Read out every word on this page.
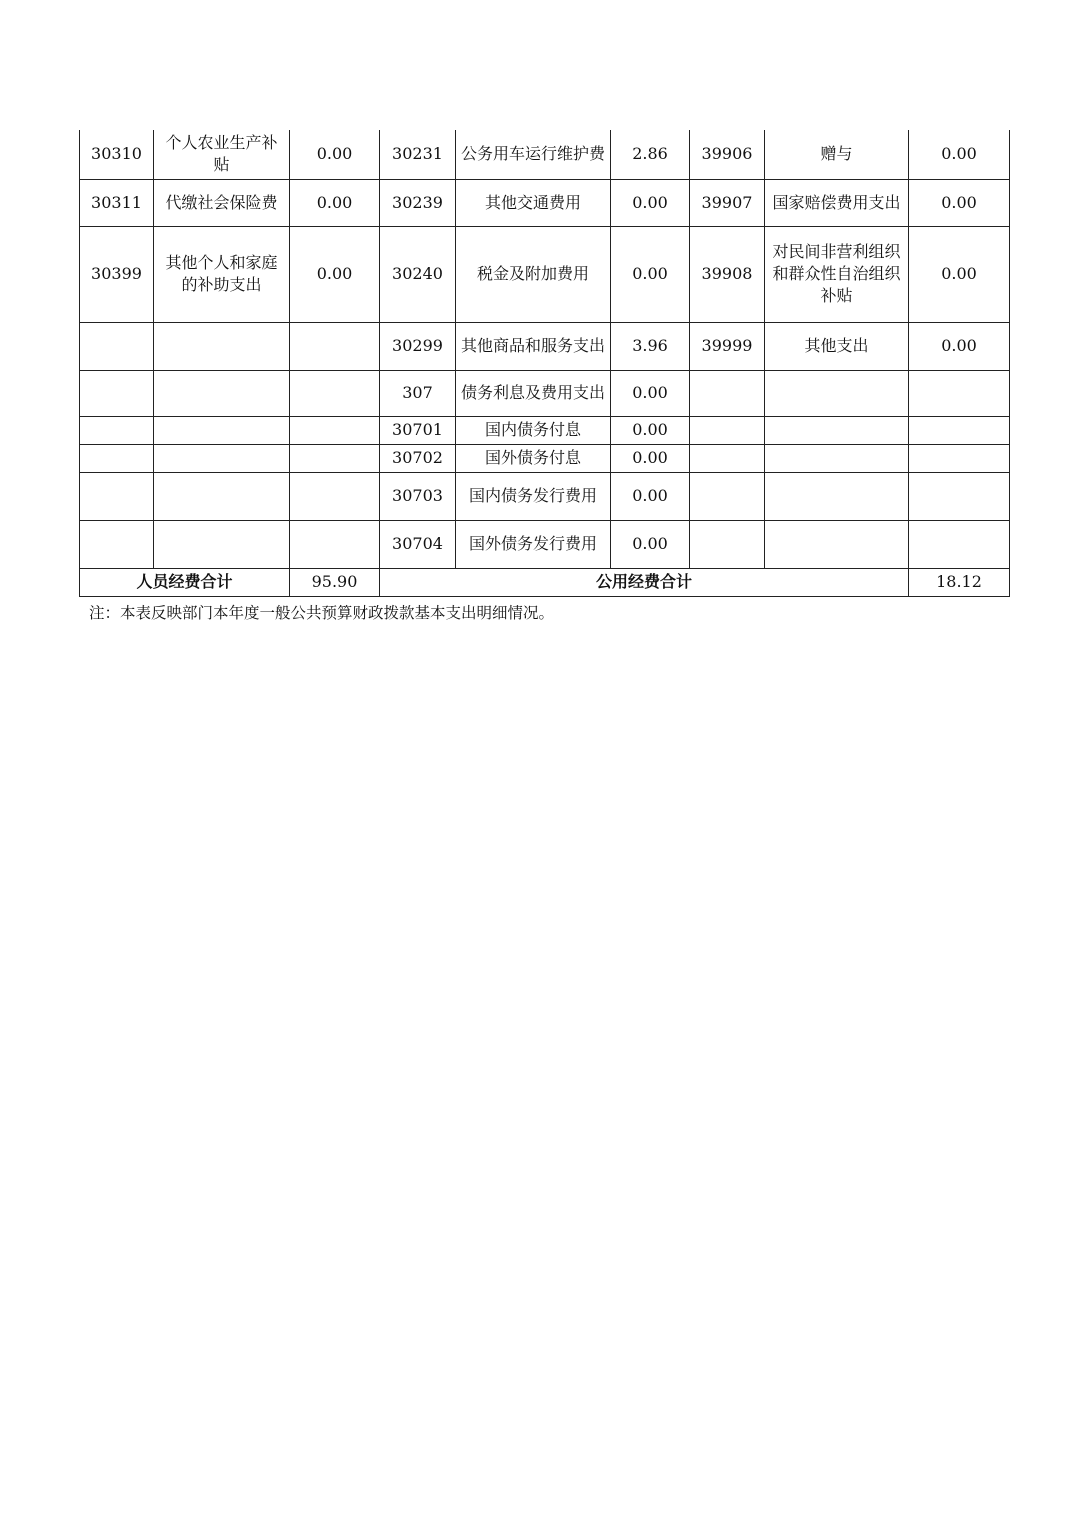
30310	个人农业生产补贴	0.00	30231	公务用车运行维护费	2.86	39906	赠与	0.00
30311	代缴社会保险费	0.00	30239	其他交通费用	0.00	39907	国家赔偿费用支出	0.00
30399	其他个人和家庭的补助支出	0.00	30240	税金及附加费用	0.00	39908	对民间非营利组织和群众性自治组织补贴	0.00
			30299	其他商品和服务支出	3.96	39999	其他支出	0.00
			307	债务利息及费用支出	0.00			
			30701	国内债务付息	0.00			
			30702	国外债务付息	0.00			
			30703	国内债务发行费用	0.00			
			30704	国外债务发行费用	0.00			
人员经费合计		95.90	公用经费合计					18.12
注：本表反映部门本年度一般公共预算财政拨款基本支出明细情况。
